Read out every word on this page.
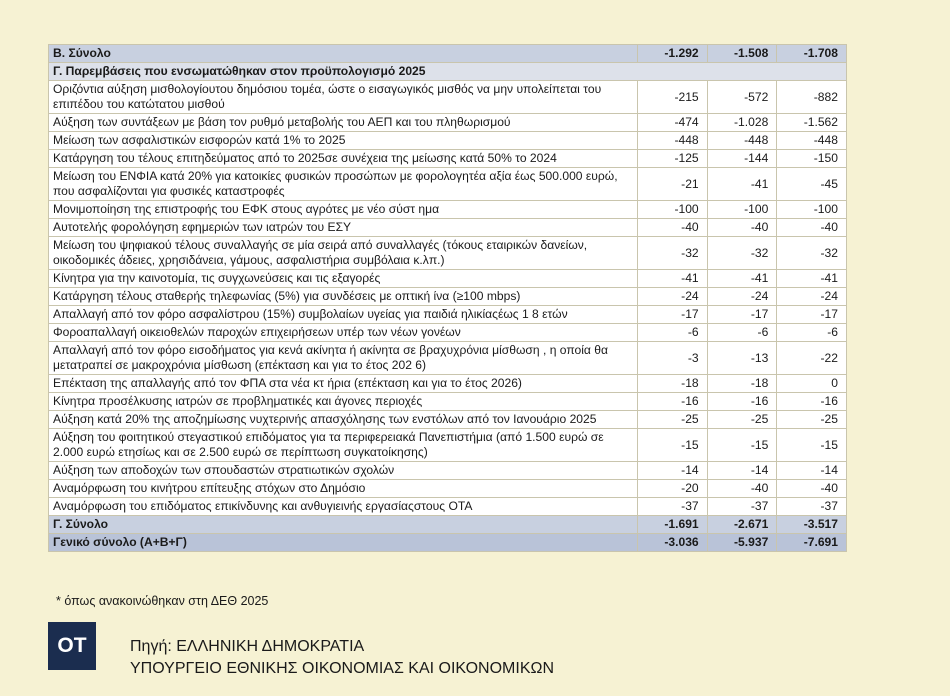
Β. Σύνολο	-1.292	-1.508	-1.708
Γ. Παρεμβάσεις που ενσωματώθηκαν στον προϋπολογισμό 2025			
Οριζόντια αύξηση μισθολογίουτου δημόσιου τομέα, ώστε ο εισαγωγικός μισθός να μην υπολείπεται του επιπέδου του κατώτατου μισθού	-215	-572	-882
Αύξηση των συντάξεων με βάση τον ρυθμό μεταβολής του ΑΕΠ και του πληθωρισμού	-474	-1.028	-1.562
Μείωση των ασφαλιστικών εισφορών κατά 1% το 2025	-448	-448	-448
Κατάργηση του τέλους επιτηδεύματος από το 2025σε συνέχεια της μείωσης κατά 50% το 2024	-125	-144	-150
Μείωση του ΕΝΦΙΑ κατά 20% για κατοικίες φυσικών προσώπων με φορολογητέα αξία έως 500.000 ευρώ, που ασφαλίζονται για φυσικές καταστροφές	-21	-41	-45
Μονιμοποίηση της επιστροφής του ΕΦΚ στους αγρότες με νέο σύστ ημα	-100	-100	-100
Αυτοτελής φορολόγηση εφημεριών των ιατρών του ΕΣΥ	-40	-40	-40
Μείωση του ψηφιακού τέλους συναλλαγής σε μία σειρά από συναλλαγές (τόκους εταιρικών δανείων, οικοδομικές άδειες, χρησιδάνεια, γάμους, ασφαλιστήρια συμβόλαια κ.λπ.)	-32	-32	-32
Κίνητρα για την καινοτομία, τις συγχωνεύσεις και τις εξαγορές	-41	-41	-41
Κατάργηση τέλους σταθερής τηλεφωνίας (5%) για συνδέσεις με οπτική ίνα (≥100 mbps)	-24	-24	-24
Απαλλαγή από τον φόρο ασφαλίστρου (15%) συμβολαίων υγείας για παιδιά ηλικίαςέως 1 8 ετών	-17	-17	-17
Φοροαπαλλαγή οικειοθελών παροχών επιχειρήσεων υπέρ των νέων γονέων	-6	-6	-6
Απαλλαγή από τον φόρο εισοδήματος για κενά ακίνητα ή ακίνητα σε βραχυχρόνια μίσθωση , η οποία θα μετατραπεί σε μακροχρόνια μίσθωση (επέκταση και για το έτος 202 6)	-3	-13	-22
Επέκταση της απαλλαγής από τον ΦΠΑ στα νέα κτ ήρια (επέκταση και για το έτος 2026)	-18	-18	0
Κίνητρα προσέλκυσης ιατρών σε προβληματικές και άγονες περιοχές	-16	-16	-16
Αύξηση κατά 20% της αποζημίωσης νυχτερινής απασχόλησης των ενστόλων από τον Ιανουάριο 2025	-25	-25	-25
Αύξηση του φοιτητικού στεγαστικού επιδόματος για τα περιφερειακά Πανεπιστήμια (από 1.500 ευρώ σε 2.000 ευρώ ετησίως και σε 2.500 ευρώ σε περίπτωση συγκατοίκησης)	-15	-15	-15
Αύξηση των αποδοχών των σπουδαστών στρατιωτικών σχολών	-14	-14	-14
Αναμόρφωση του κινήτρου επίτευξης στόχων στο Δημόσιο	-20	-40	-40
Αναμόρφωση του επιδόματος επικίνδυνης και ανθυγιεινής εργασίαςστους ΟΤΑ	-37	-37	-37
Γ. Σύνολο	-1.691	-2.671	-3.517
Γενικό σύνολο (Α+Β+Γ)	-3.036	-5.937	-7.691
* όπως ανακοινώθηκαν στη ΔΕΘ 2025
ΟΤ	Πηγή: ΕΛΛΗΝΙΚΗ ΔΗΜΟΚΡΑΤΙΑ
ΥΠΟΥΡΓΕΙΟ ΕΘΝΙΚΗΣ ΟΙΚΟΝΟΜΙΑΣ ΚΑΙ ΟΙΚΟΝΟΜΙΚΩΝ
